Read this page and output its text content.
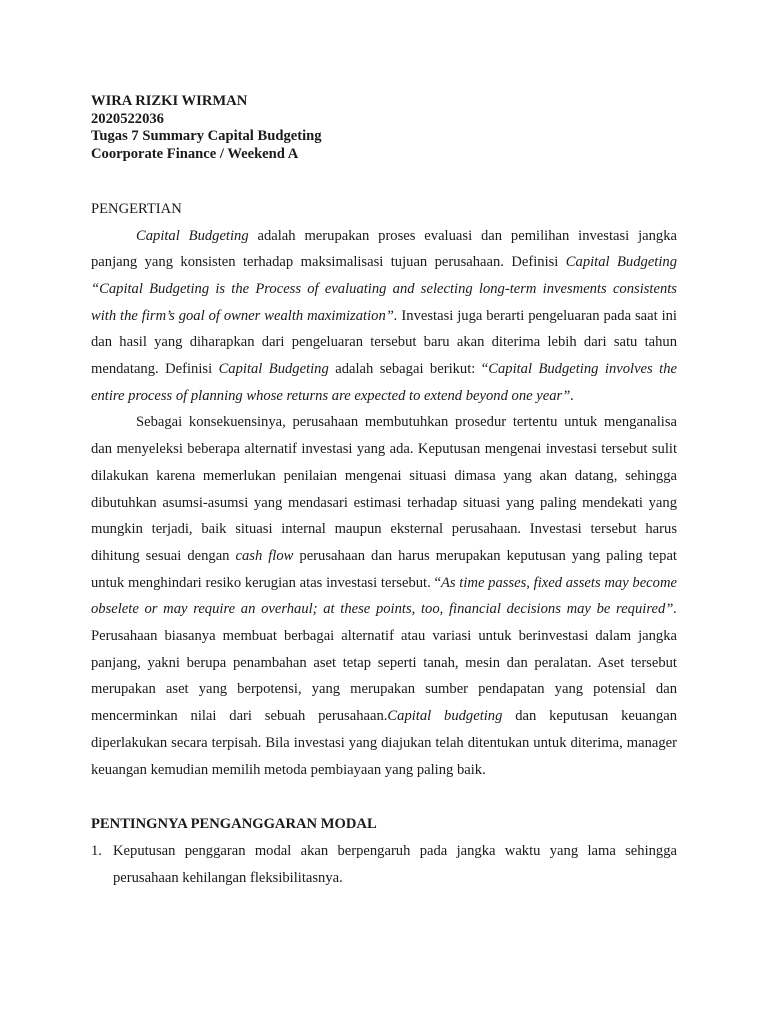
WIRA RIZKI WIRMAN
2020522036
Tugas 7 Summary Capital Budgeting
Coorporate Finance / Weekend A
PENGERTIAN

Capital Budgeting adalah merupakan proses evaluasi dan pemilihan investasi jangka panjang yang konsisten terhadap maksimalisasi tujuan perusahaan. Definisi Capital Budgeting “Capital Budgeting is the Process of evaluating and selecting long-term invesments consistents with the firm’s goal of owner wealth maximization”. Investasi juga berarti pengeluaran pada saat ini dan hasil yang diharapkan dari pengeluaran tersebut baru akan diterima lebih dari satu tahun mendatang. Definisi Capital Budgeting adalah sebagai berikut: “Capital Budgeting involves the entire process of planning whose returns are expected to extend beyond one year”.

Sebagai konsekuensinya, perusahaan membutuhkan prosedur tertentu untuk menganalisa dan menyeleksi beberapa alternatif investasi yang ada. Keputusan mengenai investasi tersebut sulit dilakukan karena memerlukan penilaian mengenai situasi dimasa yang akan datang, sehingga dibutuhkan asumsi-asumsi yang mendasari estimasi terhadap situasi yang paling mendekati yang mungkin terjadi, baik situasi internal maupun eksternal perusahaan. Investasi tersebut harus dihitung sesuai dengan cash flow perusahaan dan harus merupakan keputusan yang paling tepat untuk menghindari resiko kerugian atas investasi tersebut. “As time passes, fixed assets may become obselete or may require an overhaul; at these points, too, financial decisions may be required”. Perusahaan biasanya membuat berbagai alternatif atau variasi untuk berinvestasi dalam jangka panjang, yakni berupa penambahan aset tetap seperti tanah, mesin dan peralatan. Aset tersebut merupakan aset yang berpotensi, yang merupakan sumber pendapatan yang potensial dan mencerminkan nilai dari sebuah perusahaan.Capital budgeting dan keputusan keuangan diperlakukan secara terpisah. Bila investasi yang diajukan telah ditentukan untuk diterima, manager keuangan kemudian memilih metoda pembiayaan yang paling baik.

PENTINGNYA PENGANGGARAN MODAL
1. Keputusan penggaran modal akan berpengaruh pada jangka waktu yang lama sehingga perusahaan kehilangan fleksibilitasnya.
